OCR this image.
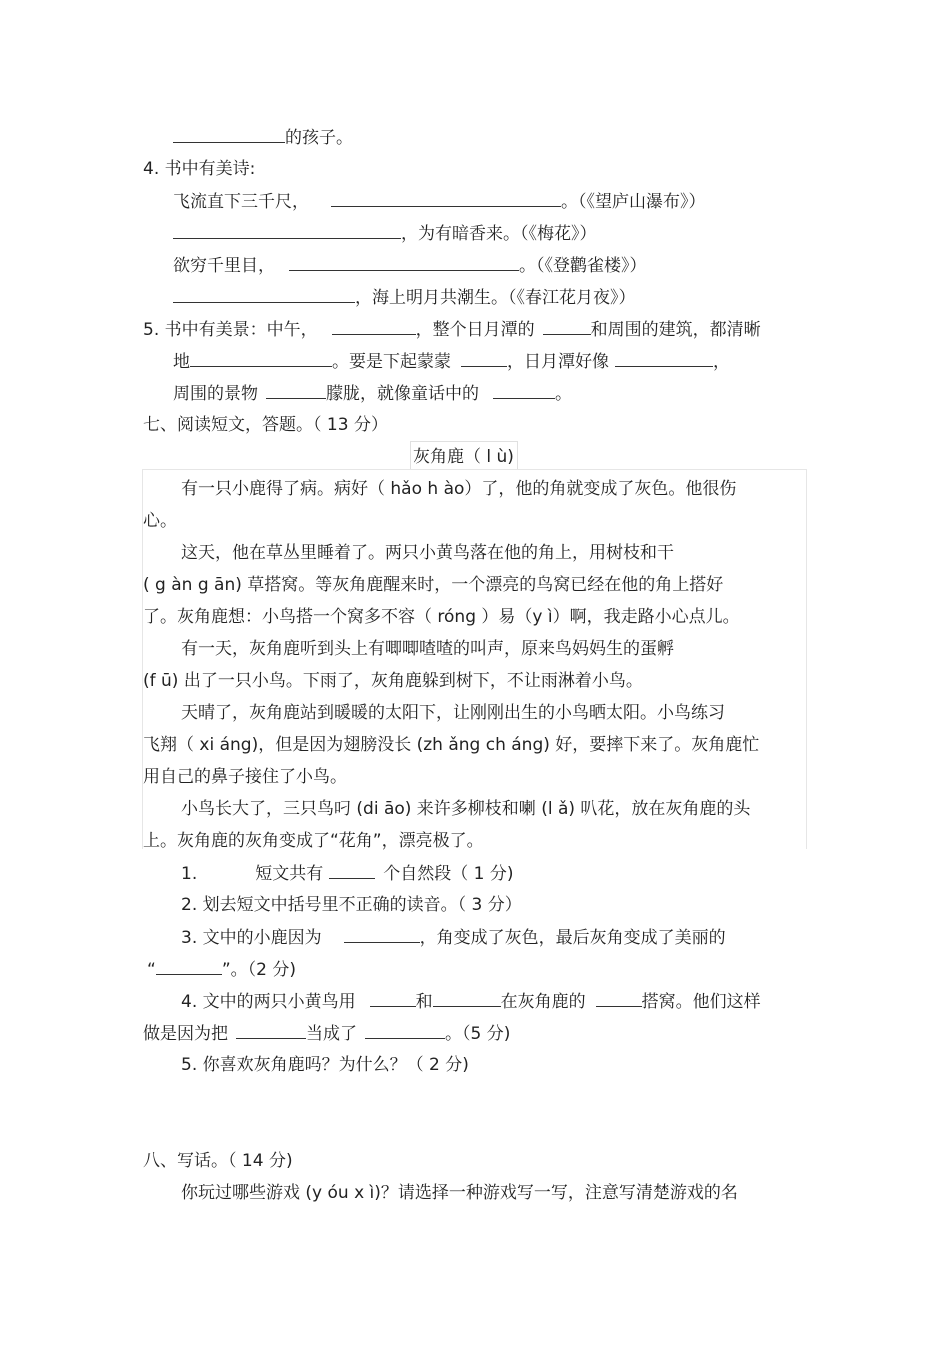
的孩子。
4. 书中有美诗:
飞流直下三千尺，	。（《望庐山瀑布》）
，为有暗香来。（《梅花》）
欲穷千里目，	。（《登鹳雀楼》）
，海上明月共潮生。（《春江花月夜》）
5. 书中有美景：中午，	，整个日月潭的	和周围的建筑，都清晰
地	。要是下起蒙蒙	，日月潭好像	，
周围的景物	朦胧，就像童话中的	。
七、阅读短文，答题。（ 13 分）
灰角鹿（ l ù)
有一只小鹿得了病。病好（ hǎo h ào）了，他的角就变成了灰色。他很伤
心。
这天，他在草丛里睡着了。两只小黄鸟落在他的角上，用树枝和干
( g àn g ān) 草搭窝。等灰角鹿醒来时，一个漂亮的鸟窝已经在他的角上搭好
了。灰角鹿想：小鸟搭一个窝多不容（ róng ）易（y ì）啊，我走路小心点儿。
有一天，灰角鹿听到头上有唧唧喳喳的叫声，原来鸟妈妈生的蛋孵
(f ū) 出了一只小鸟。下雨了，灰角鹿躲到树下，不让雨淋着小鸟。
天晴了，灰角鹿站到暖暖的太阳下，让刚刚出生的小鸟晒太阳。小鸟练习
飞翔（ xi áng)，但是因为翅膀没长 (zh ǎng ch áng) 好，要摔下来了。灰角鹿忙
用自己的鼻子接住了小鸟。
小鸟长大了，三只鸟叼 (di āo) 来许多柳枝和喇 (l ǎ) 叭花，放在灰角鹿的头
上。灰角鹿的灰角变成了“花角”，漂亮极了。
1.	短文共有	个自然段（ 1 分)
2. 划去短文中括号里不正确的读音。（ 3 分）
3. 文中的小鹿因为	，角变成了灰色，最后灰角变成了美丽的
“	”。（2 分)
4. 文中的两只小黄鸟用	和	在灰角鹿的	搭窝。他们这样
做是因为把	当成了	。（5 分)
5. 你喜欢灰角鹿吗？为什么？（ 2 分)
八、写话。（ 14 分)
你玩过哪些游戏 (y óu x ì)？请选择一种游戏写一写，注意写清楚游戏的名
